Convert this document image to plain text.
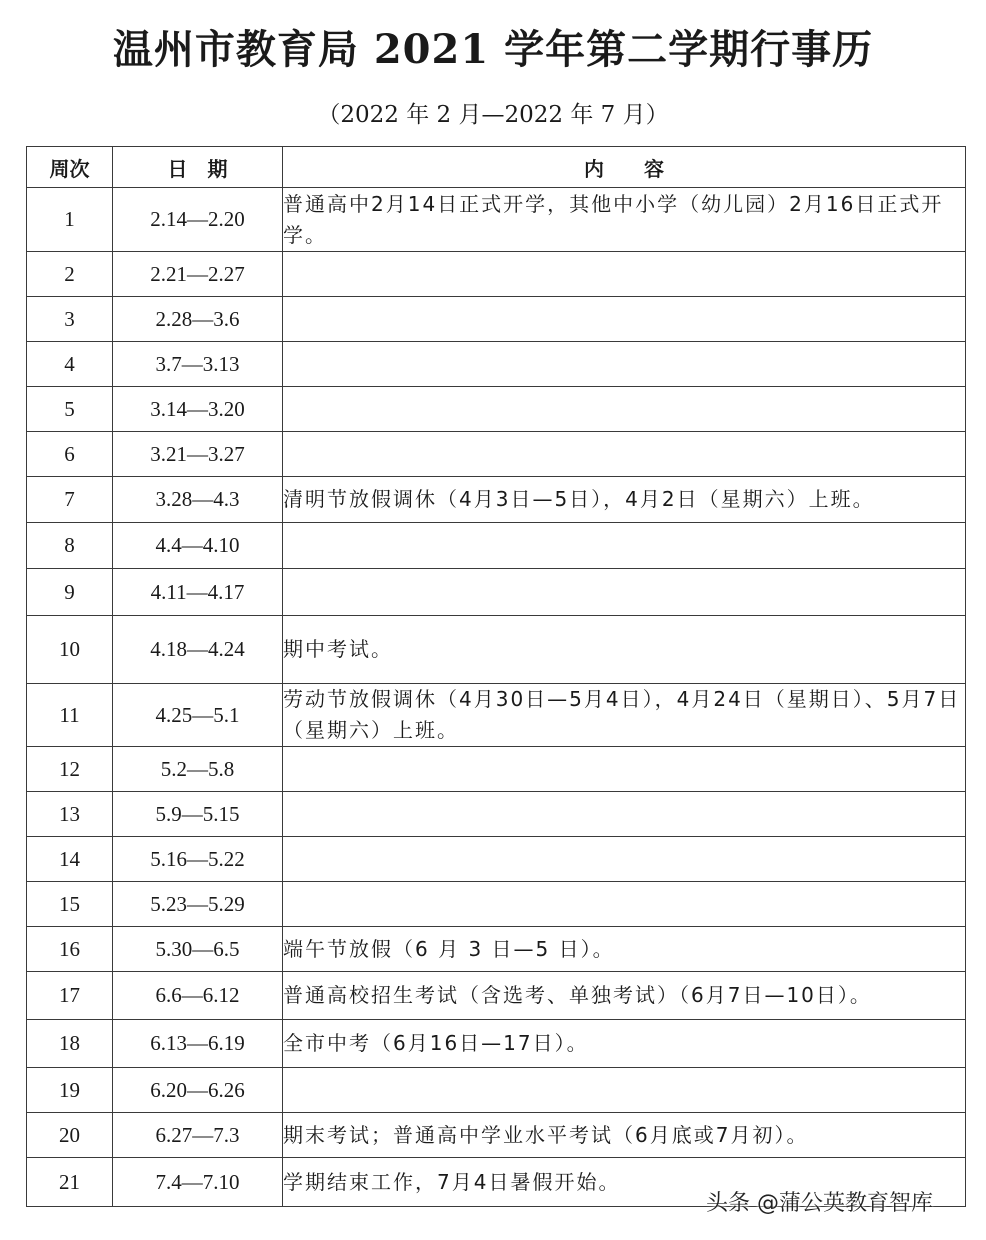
温州市教育局 2021 学年第二学期行事历
（2022 年 2 月—2022 年 7 月）
周次	日　期	内　　容
1	2.14—2.20	普通高中2月14日正式开学，其他中小学（幼儿园）2月16日正式开学。
2	2.21—2.27	
3	2.28—3.6	
4	3.7—3.13	
5	3.14—3.20	
6	3.21—3.27	
7	3.28—4.3	清明节放假调休（4月3日—5日），4月2日（星期六）上班。
8	4.4—4.10	
9	4.11—4.17	
10	4.18—4.24	期中考试。
11	4.25—5.1	劳动节放假调休（4月30日—5月4日），4月24日（星期日）、5月7日（星期六）上班。
12	5.2—5.8	
13	5.9—5.15	
14	5.16—5.22	
15	5.23—5.29	
16	5.30—6.5	端午节放假（6 月 3 日—5 日）。
17	6.6—6.12	普通高校招生考试（含选考、单独考试）（6月7日—10日）。
18	6.13—6.19	全市中考（6月16日—17日）。
19	6.20—6.26	
20	6.27—7.3	期末考试；普通高中学业水平考试（6月底或7月初）。
21	7.4—7.10	学期结束工作，7月4日暑假开始。
头条 @蒲公英教育智库
